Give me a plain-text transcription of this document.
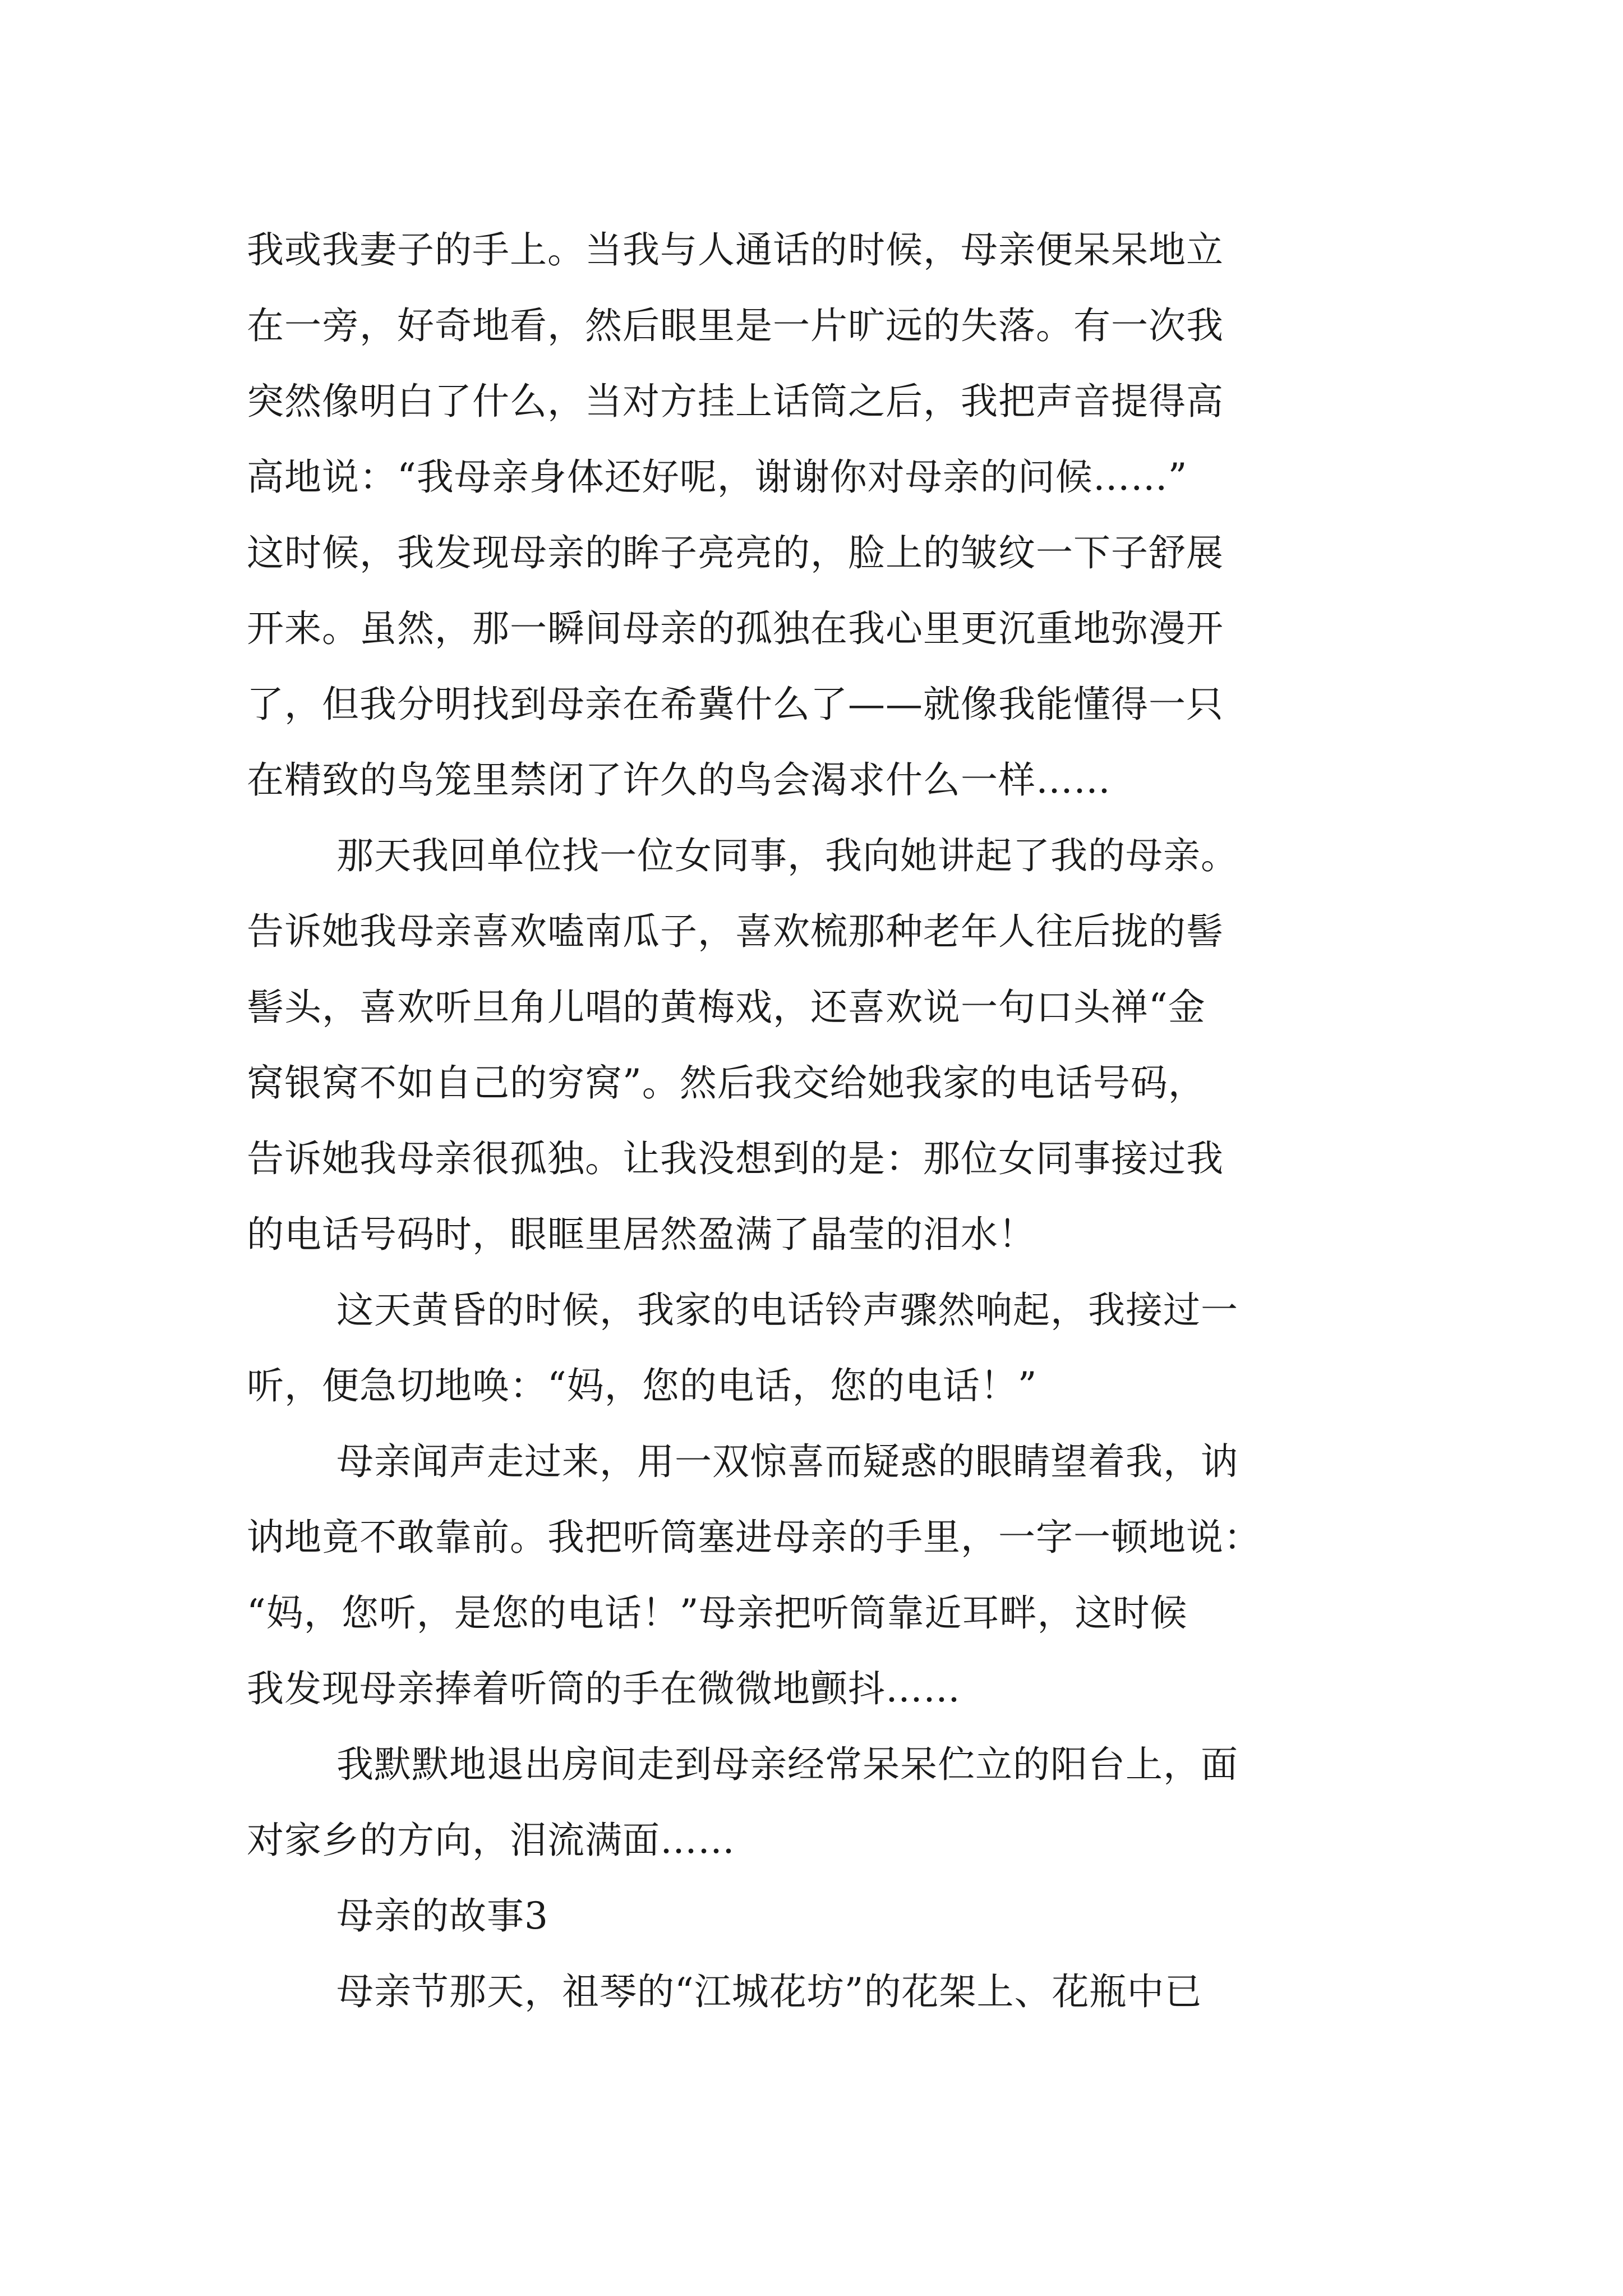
我或我妻子的手上。当我与人通话的时候，母亲便呆呆地立
在一旁，好奇地看，然后眼里是一片旷远的失落。有一次我
突然像明白了什么，当对方挂上话筒之后，我把声音提得高
高地说：“我母亲身体还好呢，谢谢你对母亲的问候……”
这时候，我发现母亲的眸子亮亮的，脸上的皱纹一下子舒展
开来。虽然，那一瞬间母亲的孤独在我心里更沉重地弥漫开
了，但我分明找到母亲在希冀什么了——就像我能懂得一只
在精致的鸟笼里禁闭了许久的鸟会渴求什么一样……
那天我回单位找一位女同事，我向她讲起了我的母亲。
告诉她我母亲喜欢嗑南瓜子，喜欢梳那种老年人往后拢的髻
髻头，喜欢听旦角儿唱的黄梅戏，还喜欢说一句口头禅“金
窝银窝不如自己的穷窝”。然后我交给她我家的电话号码，
告诉她我母亲很孤独。让我没想到的是：那位女同事接过我
的电话号码时，眼眶里居然盈满了晶莹的泪水！
这天黄昏的时候，我家的电话铃声骤然响起，我接过一
听，便急切地唤：“妈，您的电话，您的电话！”
母亲闻声走过来，用一双惊喜而疑惑的眼睛望着我，讷
讷地竟不敢靠前。我把听筒塞进母亲的手里，一字一顿地说：
“妈，您听，是您的电话！”母亲把听筒靠近耳畔，这时候
我发现母亲捧着听筒的手在微微地颤抖……
我默默地退出房间走到母亲经常呆呆伫立的阳台上，面
对家乡的方向，泪流满面……
母亲的故事3
母亲节那天，祖琴的“江城花坊”的花架上、花瓶中已
